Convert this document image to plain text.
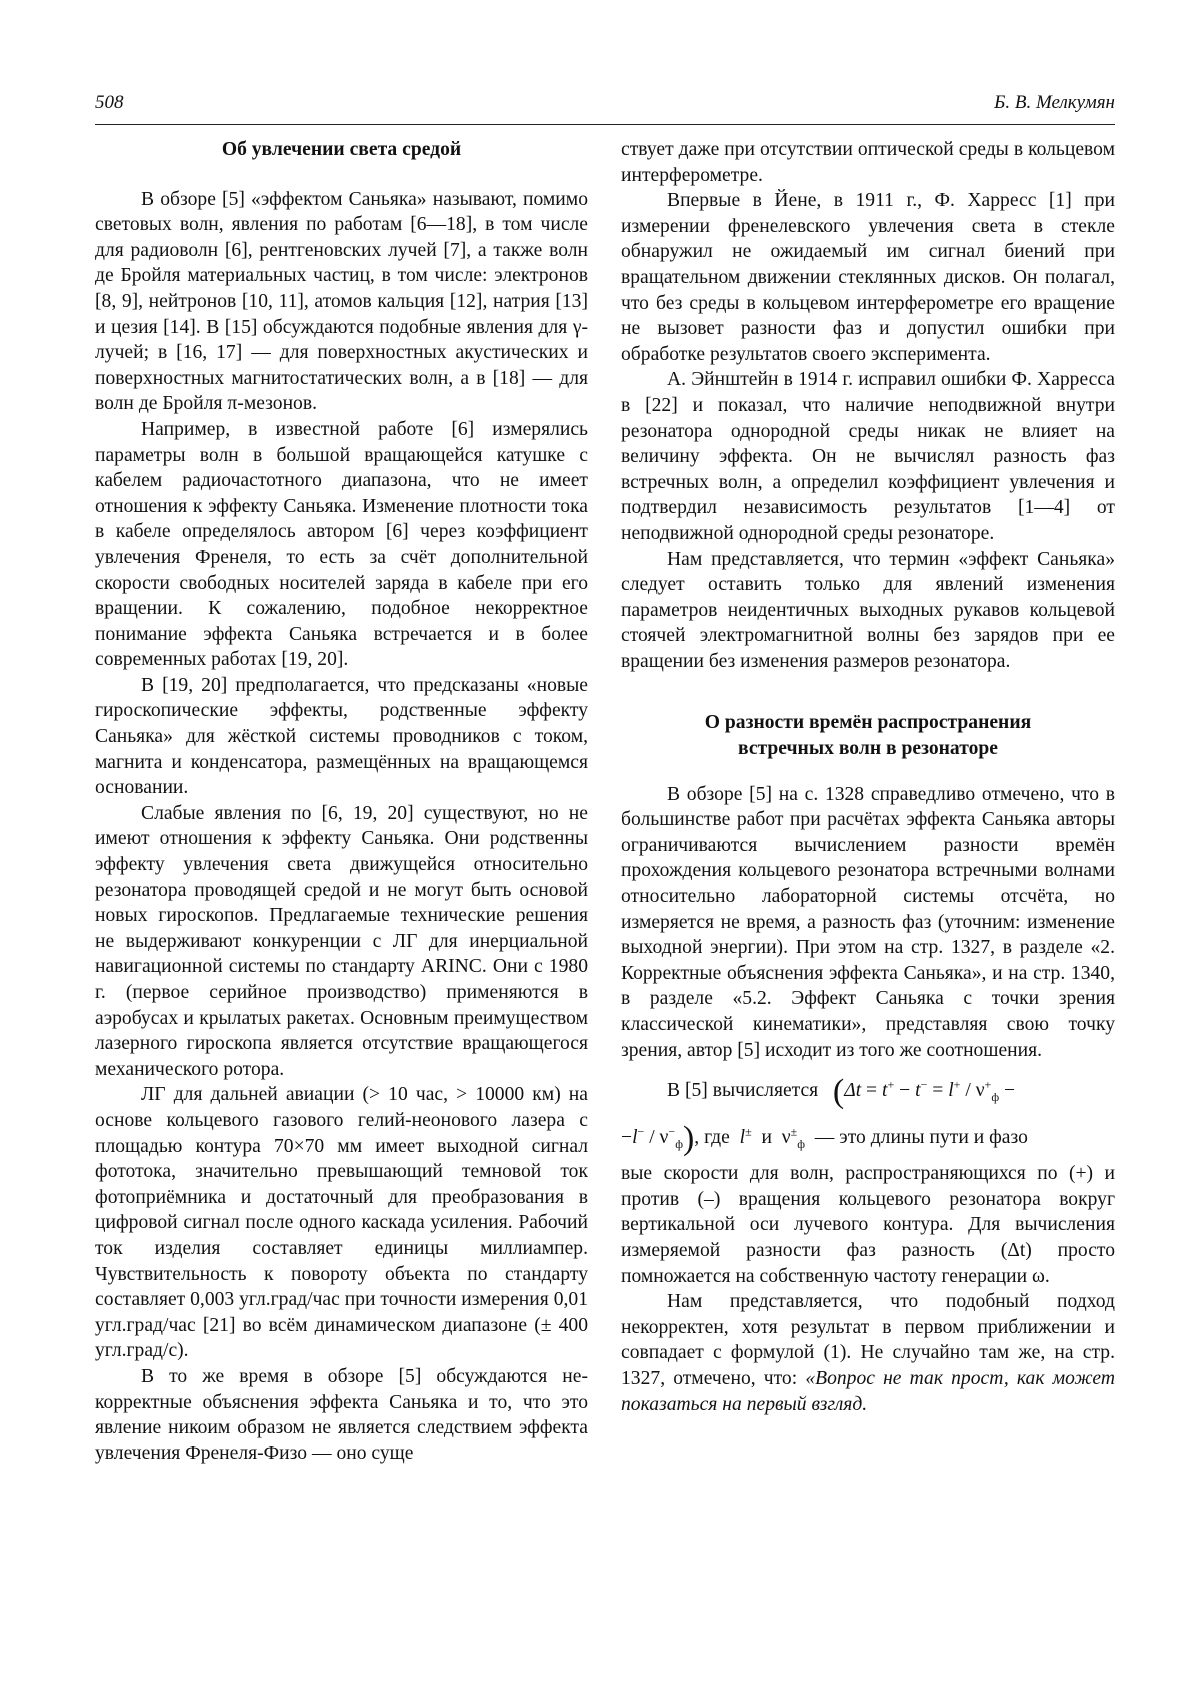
508	Б. В. Мелкумян
Об увлечении света средой

В обзоре [5] «эффектом Саньяка» называют, помимо световых волн, явления по работам [6—18], в том числе для радиоволн [6], рентгеновских лучей [7], а также волн де Бройля материальных частиц, в том числе: электронов [8, 9], нейтронов [10, 11], атомов кальция [12], натрия [13] и цезия [14]. В [15] обсуждаются подобные явления для γ-лучей; в [16, 17] — для поверхностных акустических и поверхностных магнитостатических волн, а в [18] — для волн де Бройля π-мезонов.

Например, в известной работе [6] измерялись параметры волн в большой вращающейся катушке с кабелем радиочастотного диапазона, что не имеет отношения к эффекту Саньяка. Изменение плотности тока в кабеле определялось автором [6] через коэффициент увлечения Френеля, то есть за счёт дополнительной скорости свободных носителей заряда в кабеле при его вращении. К сожалению, подобное некорректное понимание эффекта Саньяка встречается и в более современных работах [19, 20].

В [19, 20] предполагается, что предсказаны «новые гироскопические эффекты, родственные эффекту Саньяка» для жёсткой системы проводников с током, магнита и конденсатора, размещённых на вращающемся основании.

Слабые явления по [6, 19, 20] существуют, но не имеют отношения к эффекту Саньяка. Они родственны эффекту увлечения света движущейся относительно резонатора проводящей средой и не могут быть основой новых гироскопов. Предлагаемые технические решения не выдерживают конкуренции с ЛГ для инерциальной навигационной системы по стандарту ARINC. Они с 1980 г. (первое серийное производство) применяются в аэробусах и крылатых ракетах. Основным преимуществом лазерного гироскопа является отсутствие вращающегося механического ротора.

ЛГ для дальней авиации (> 10 час, > 10000 км) на основе кольцевого газового гелий-неонового лазера с площадью контура 70×70 мм имеет выходной сигнал фототока, значительно превышающий темновой ток фотоприёмника и достаточный для преобразования в цифровой сигнал после одного каскада усиления. Рабочий ток изделия составляет единицы миллиампер. Чувствительность к повороту объекта по стандарту составляет 0,003 угл.град/час при точности измерения 0,01 угл.град/час [21] во всём динамическом диапазоне (± 400 угл.град/с).

В то же время в обзоре [5] обсуждаются некорректные объяснения эффекта Саньяка и то, что это явление никоим образом не является следствием эффекта увлечения Френеля-Физо — оно суще

ствует даже при отсутствии оптической среды в кольцевом интерферометре.

Впервые в Йене, в 1911 г., Ф. Харресс [1] при измерении френелевского увлечения света в стекле обнаружил не ожидаемый им сигнал биений при вращательном движении стеклянных дисков. Он полагал, что без среды в кольцевом интерферометре его вращение не вызовет разности фаз и допустил ошибки при обработке результатов своего эксперимента.

А. Эйнштейн в 1914 г. исправил ошибки Ф. Харресса в [22] и показал, что наличие неподвижной внутри резонатора однородной среды никак не влияет на величину эффекта. Он не вычислял разность фаз встречных волн, а определил коэффициент увлечения и подтвердил независимость результатов [1—4] от неподвижной однородной среды резонаторе.

Нам представляется, что термин «эффект Саньяка» следует оставить только для явлений изменения параметров неидентичных выходных рукавов кольцевой стоячей электромагнитной волны без зарядов при ее вращении без изменения размеров резонатора.

О разности времён распространения
встречных волн в резонаторе

В обзоре [5] на с. 1328 справедливо отмечено, что в большинстве работ при расчётах эффекта Саньяка авторы ограничиваются вычислением разности времён прохождения кольцевого резонатора встречными волнами относительно лабораторной системы отсчёта, но измеряется не время, а разность фаз (уточним: изменение выходной энергии). При этом на стр. 1327, в разделе «2. Корректные объяснения эффекта Саньяка», и на стр. 1340, в разделе «5.2. Эффект Саньяка с точки зрения классической кинематики», представляя свою точку зрения, автор [5] исходит из того же соотношения.

В [5] вычисляется ($\Delta t = t^+ - t^- = l^+ / \nu^+_ф$ −
$-l^- / \nu^-_ф$), где l± и $\nu^\pm_ф$ — это длины пути и фазо

вые скорости для волн, распространяющихся по (+) и против (–) вращения кольцевого резонатора вокруг вертикальной оси лучевого контура. Для вычисления измеряемой разности фаз разность (Δt) просто помножается на собственную частоту генерации ω.

Нам представляется, что подобный подход некорректен, хотя результат в первом приближении и совпадает с формулой (1). Не случайно там же, на стр. 1327, отмечено, что: «Вопрос не так прост, как может показаться на первый взгляд.
